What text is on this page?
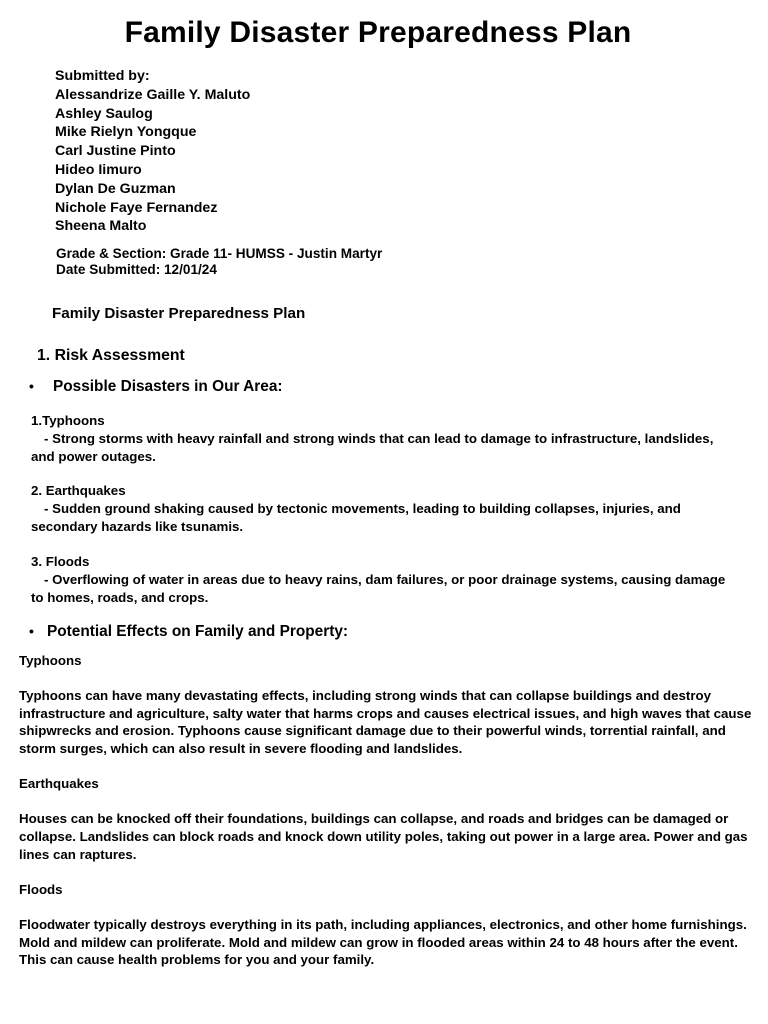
Family Disaster Preparedness Plan
Submitted by:
Alessandrize Gaille Y. Maluto
Ashley Saulog
Mike Rielyn Yongque
Carl Justine Pinto
Hideo Iimuro
Dylan De Guzman
Nichole Faye Fernandez
Sheena Malto
Grade & Section: Grade 11- HUMSS - Justin Martyr
Date Submitted: 12/01/24
Family Disaster Preparedness Plan
1. Risk Assessment
• Possible Disasters in Our Area:
1.Typhoons
- Strong storms with heavy rainfall and strong winds that can lead to damage to infrastructure, landslides, and power outages.
2. Earthquakes
- Sudden ground shaking caused by tectonic movements, leading to building collapses, injuries, and secondary hazards like tsunamis.
3. Floods
- Overflowing of water in areas due to heavy rains, dam failures, or poor drainage systems, causing damage to homes, roads, and crops.
• Potential Effects on Family and Property:
Typhoons
Typhoons can have many devastating effects, including strong winds that can collapse buildings and destroy infrastructure and agriculture, salty water that harms crops and causes electrical issues, and high waves that cause shipwrecks and erosion. Typhoons cause significant damage due to their powerful winds, torrential rainfall, and storm surges, which can also result in severe flooding and landslides.
Earthquakes
Houses can be knocked off their foundations, buildings can collapse, and roads and bridges can be damaged or collapse. Landslides can block roads and knock down utility poles, taking out power in a large area. Power and gas lines can raptures.
Floods
Floodwater typically destroys everything in its path, including appliances, electronics, and other home furnishings. Mold and mildew can proliferate. Mold and mildew can grow in flooded areas within 24 to 48 hours after the event. This can cause health problems for you and your family.
